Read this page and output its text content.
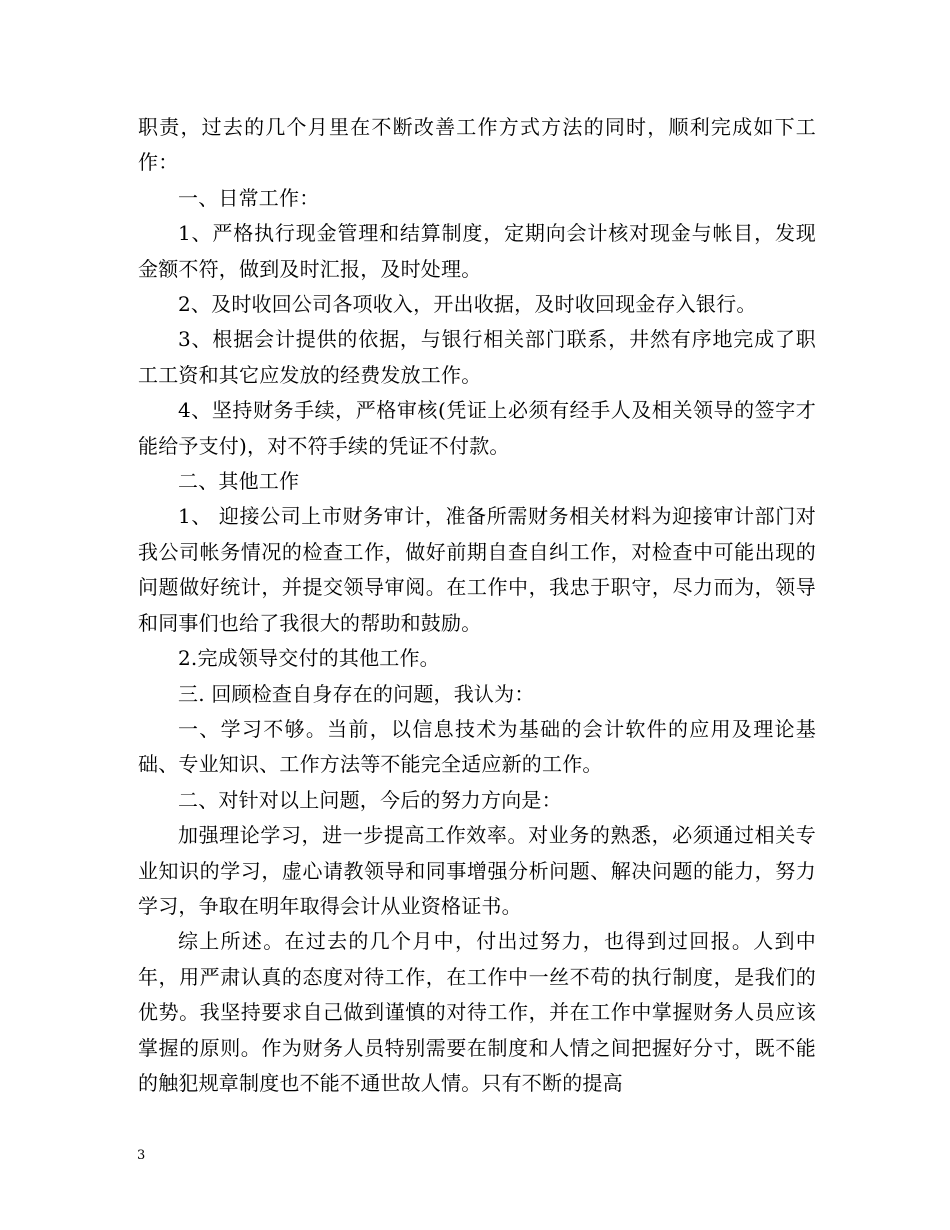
职责，过去的几个月里在不断改善工作方式方法的同时，顺利完成如下工作：

一、日常工作：

1、严格执行现金管理和结算制度，定期向会计核对现金与帐目，发现金额不符，做到及时汇报，及时处理。

2、及时收回公司各项收入，开出收据，及时收回现金存入银行。

3、根据会计提供的依据，与银行相关部门联系，井然有序地完成了职工工资和其它应发放的经费发放工作。

4、坚持财务手续，严格审核(凭证上必须有经手人及相关领导的签字才能给予支付)，对不符手续的凭证不付款。

二、其他工作

1、 迎接公司上市财务审计，准备所需财务相关材料为迎接审计部门对我公司帐务情况的检查工作，做好前期自查自纠工作，对检查中可能出现的问题做好统计，并提交领导审阅。在工作中，我忠于职守，尽力而为，领导和同事们也给了我很大的帮助和鼓励。

2.完成领导交付的其他工作。

三. 回顾检查自身存在的问题，我认为：

一、学习不够。当前，以信息技术为基础的会计软件的应用及理论基础、专业知识、工作方法等不能完全适应新的工作。

二、对针对以上问题，今后的努力方向是：

加强理论学习，进一步提高工作效率。对业务的熟悉，必须通过相关专业知识的学习，虚心请教领导和同事增强分析问题、解决问题的能力，努力学习，争取在明年取得会计从业资格证书。

综上所述。在过去的几个月中，付出过努力，也得到过回报。人到中年，用严肃认真的态度对待工作，在工作中一丝不苟的执行制度，是我们的优势。我坚持要求自己做到谨慎的对待工作，并在工作中掌握财务人员应该掌握的原则。作为财务人员特别需要在制度和人情之间把握好分寸，既不能的触犯规章制度也不能不通世故人情。只有不断的提高

3
